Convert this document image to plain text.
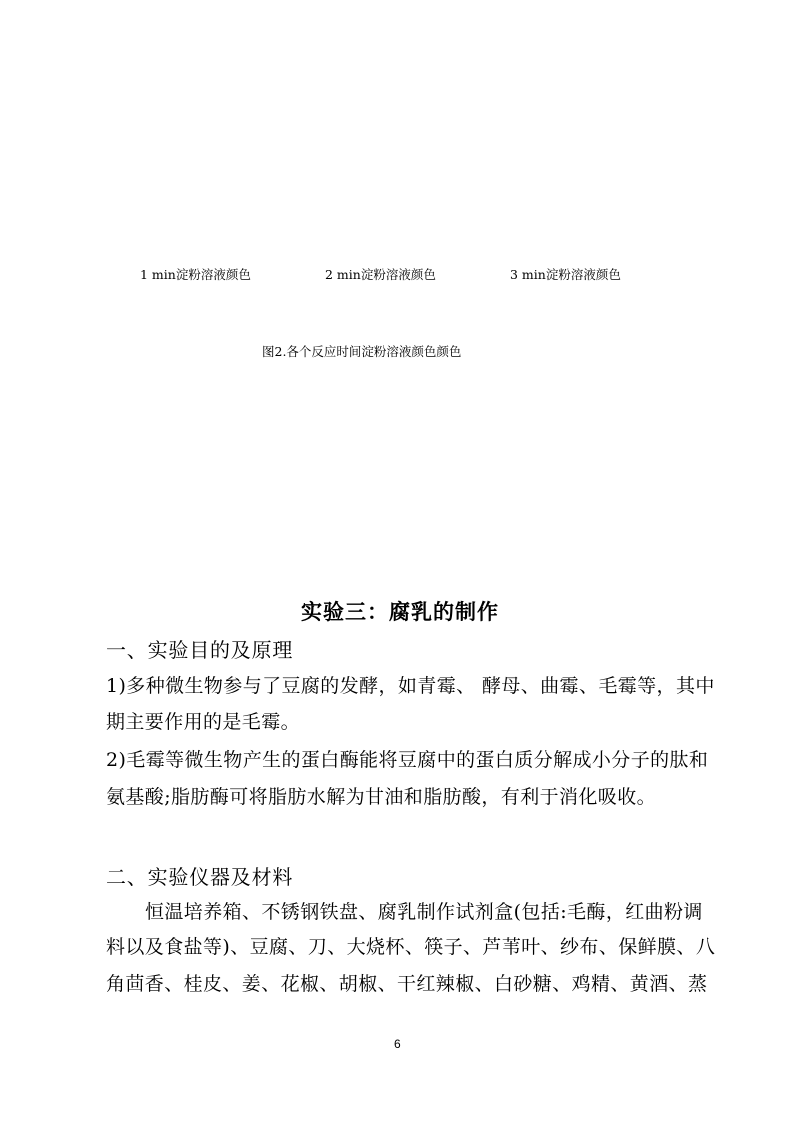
1 min淀粉溶液颜色	2 min淀粉溶液颜色	3 min淀粉溶液颜色
图2.各个反应时间淀粉溶液颜色颜色
实验三：腐乳的制作
一、实验目的及原理
1)多种微生物参与了豆腐的发酵，如青霉、 酵母、曲霉、毛霉等，其中
期主要作用的是毛霉。
2)毛霉等微生物产生的蛋白酶能将豆腐中的蛋白质分解成小分子的肽和
氨基酸;脂肪酶可将脂肪水解为甘油和脂肪酸，有利于消化吸收。
二、实验仪器及材料
恒温培养箱、不锈钢铁盘、腐乳制作试剂盒(包括:毛酶，红曲粉调
料以及食盐等)、豆腐、刀、大烧杯、筷子、芦苇叶、纱布、保鲜膜、八
角茴香、桂皮、姜、花椒、胡椒、干红辣椒、白砂糖、鸡精、黄酒、蒸
6
